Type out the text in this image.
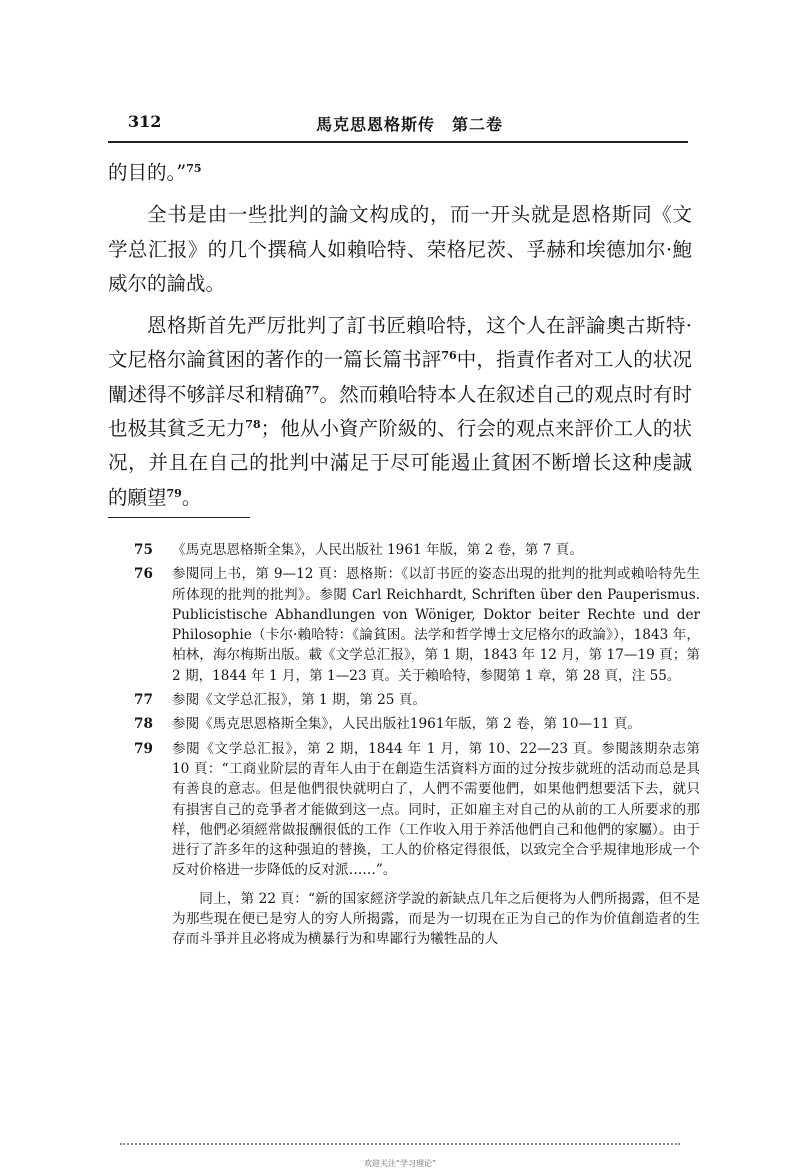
312	馬克思恩格斯传　第二卷

的目的。”$^{75}$

全书是由一些批判的論文构成的，而一开头就是恩格斯同《文学总汇报》的几个撰稿人如賴哈特、荣格尼茨、孚赫和埃德加尔·鮑威尔的論战。

恩格斯首先严厉批判了訂书匠賴哈特，这个人在評論奧古斯特·文尼格尔論貧困的著作的一篇长篇书評$^{76}$中，指責作者对工人的状况闡述得不够詳尽和精确$^{77}$。然而賴哈特本人在叙述自己的观点时有时也极其貧乏无力$^{78}$；他从小資产阶級的、行会的观点来評价工人的状况，并且在自己的批判中滿足于尽可能遏止貧困不断增长这种虔誠的願望$^{79}$。

75 《馬克思恩格斯全集》，人民出版社 1961 年版，第 2 卷，第 7 頁。
76 参閱同上书，第 9—12 頁：恩格斯：《以訂书匠的姿态出現的批判的批判或賴哈特先生所体现的批判的批判》。参閱 Carl Reichhardt, Schriften über den Pauperismus. Publicistische Abhandlungen von Wöniger, Doktor beiter Rechte und der Philosophie（卡尔·賴哈特：《論貧困。法学和哲学博士文尼格尔的政論》），1843 年，柏林，海尔梅斯出版。載《文学总汇报》，第 1 期，1843 年 12 月，第 17—19 頁；第 2 期，1844 年 1 月，第 1—23 頁。关于賴哈特，参閱第 1 章，第 28 頁，注 55。
77 参閱《文学总汇报》，第 1 期，第 25 頁。
78 参閱《馬克思恩格斯全集》，人民出版社1961年版，第 2 卷，第 10—11 頁。
79 参閱《文学总汇报》，第 2 期，1844 年 1 月，第 10、22—23 頁。参閱該期杂志第 10 頁：“工商业阶层的青年人由于在創造生活資料方面的过分按步就班的活动而总是具有善良的意志。但是他們很快就明白了，人們不需要他們，如果他們想要活下去，就只有損害自己的竞爭者才能做到这一点。同时，正如雇主对自己的从前的工人所要求的那样，他們必須經常做报酬很低的工作（工作收入用于养活他們自己和他們的家屬）。由于进行了許多年的这种强迫的替換，工人的价格定得很低，以致完全合乎規律地形成一个反对价格进一步降低的反对派……”。
同上，第 22 頁：“新的国家經济学說的新缺点几年之后便将为人們所揭露，但不是为那些現在便已是穷人的穷人所揭露，而是为一切現在正为自己的作为价值創造者的生存而斗爭并且必将成为横暴行为和卑鄙行为犧牲品的人
欢迎关注“学习理论”
